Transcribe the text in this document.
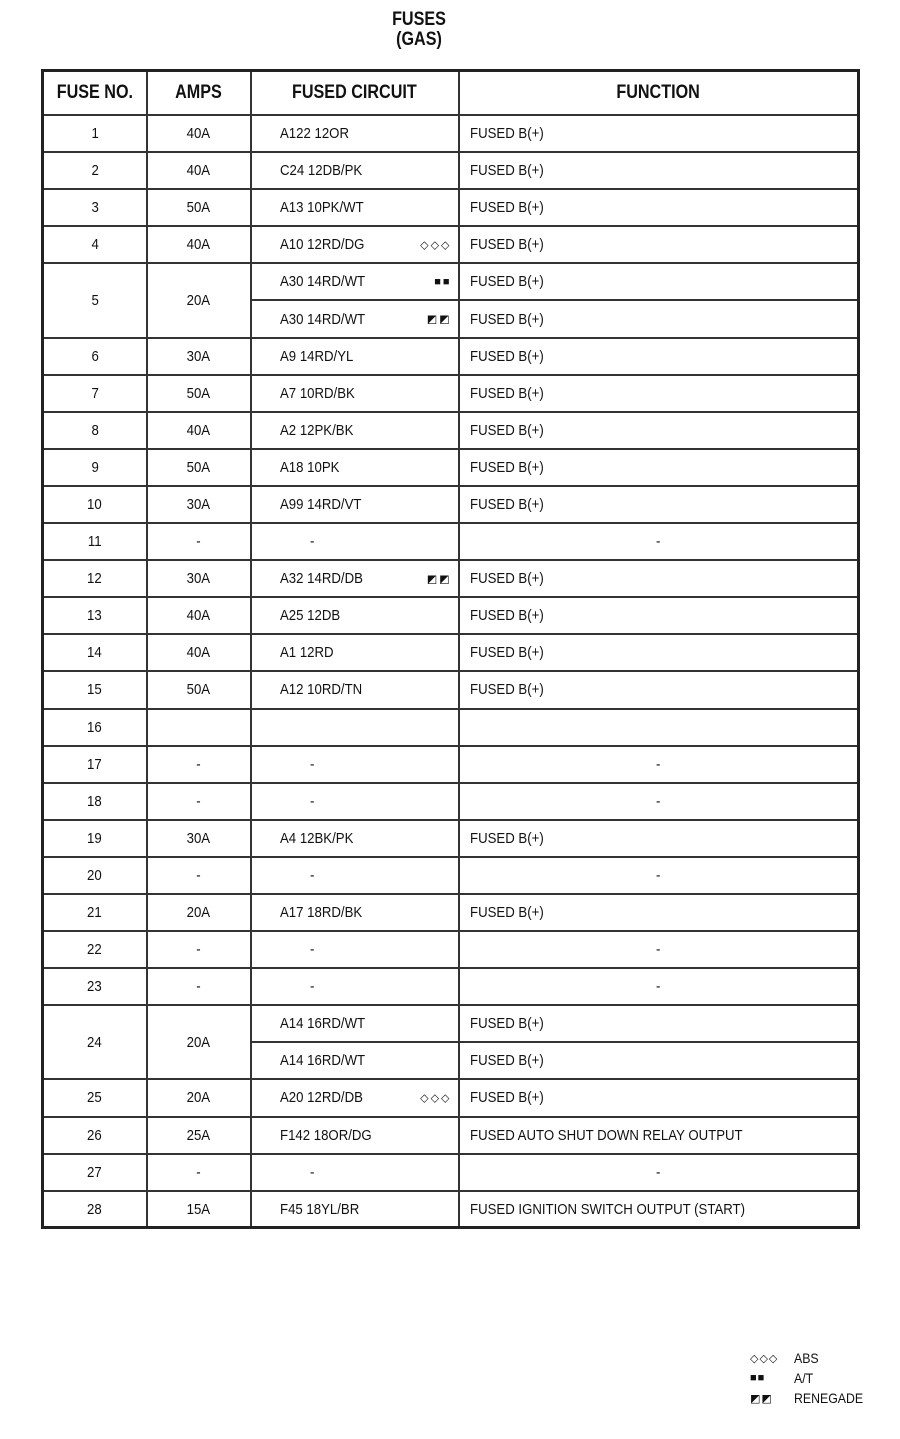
FUSES
(GAS)
FUSE NO.	AMPS	FUSED CIRCUIT	FUNCTION
1	40A	A122 12OR	FUSED B(+)
2	40A	C24 12DB/PK	FUSED B(+)
3	50A	A13 10PK/WT	FUSED B(+)
4	40A	A10 12RD/DG ◇◇◇	FUSED B(+)
5	20A	A30 14RD/WT ■■	FUSED B(+)
		A30 14RD/WT ◩◩	FUSED B(+)
6	30A	A9 14RD/YL	FUSED B(+)
7	50A	A7 10RD/BK	FUSED B(+)
8	40A	A2 12PK/BK	FUSED B(+)
9	50A	A18 10PK	FUSED B(+)
10	30A	A99 14RD/VT	FUSED B(+)
11	-	-	-
12	30A	A32 14RD/DB ◩◩	FUSED B(+)
13	40A	A25 12DB	FUSED B(+)
14	40A	A1 12RD	FUSED B(+)
15	50A	A12 10RD/TN	FUSED B(+)
16			
17	-	-	-
18	-	-	-
19	30A	A4 12BK/PK	FUSED B(+)
20	-	-	-
21	20A	A17 18RD/BK	FUSED B(+)
22	-	-	-
23	-	-	-
24	20A	A14 16RD/WT	FUSED B(+)
		A14 16RD/WT	FUSED B(+)
25	20A	A20 12RD/DB ◇◇◇	FUSED B(+)
26	25A	F142 18OR/DG	FUSED AUTO SHUT DOWN RELAY OUTPUT
27	-	-	-
28	15A	F45 18YL/BR	FUSED IGNITION SWITCH OUTPUT (START)
◇◇◇	ABS
■■	A/T
◩◩	RENEGADE
